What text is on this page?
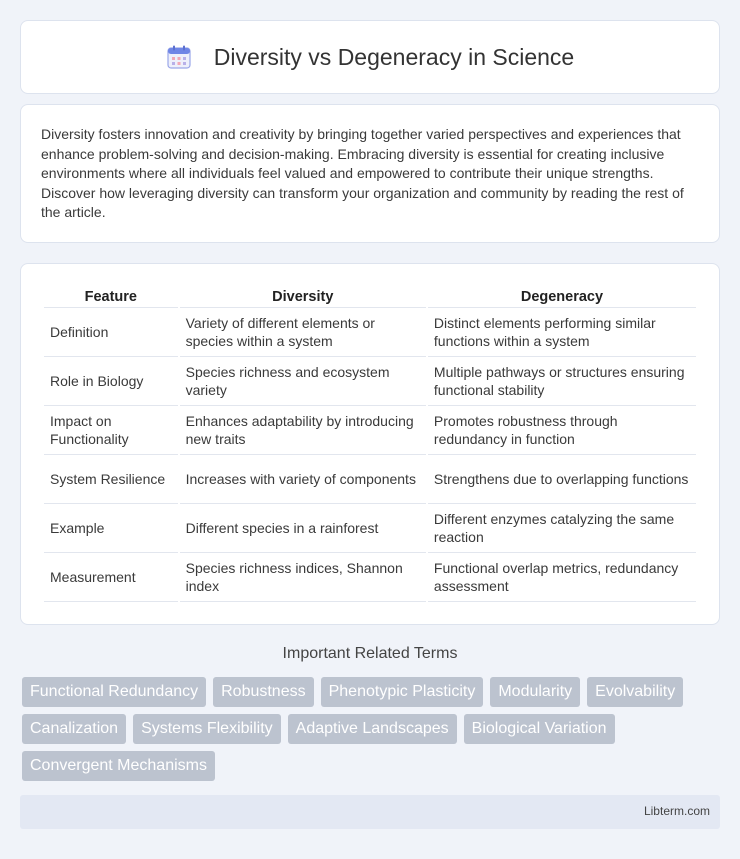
Diversity vs Degeneracy in Science

Diversity fosters innovation and creativity by bringing together varied perspectives and experiences that enhance problem-solving and decision-making. Embracing diversity is essential for creating inclusive environments where all individuals feel valued and empowered to contribute their unique strengths. Discover how leveraging diversity can transform your organization and community by reading the rest of the article.

Feature	Diversity	Degeneracy
Definition	Variety of different elements or species within a system	Distinct elements performing similar functions within a system
Role in Biology	Species richness and ecosystem variety	Multiple pathways or structures ensuring functional stability
Impact on Functionality	Enhances adaptability by introducing new traits	Promotes robustness through redundancy in function
System Resilience	Increases with variety of components	Strengthens due to overlapping functions
Example	Different species in a rainforest	Different enzymes catalyzing the same reaction
Measurement	Species richness indices, Shannon index	Functional overlap metrics, redundancy assessment
Important Related Terms
Functional Redundancy	Robustness	Phenotypic Plasticity	Modularity	Evolvability
Canalization	Systems Flexibility	Adaptive Landscapes	Biological Variation
Convergent Mechanisms
Libterm.com
